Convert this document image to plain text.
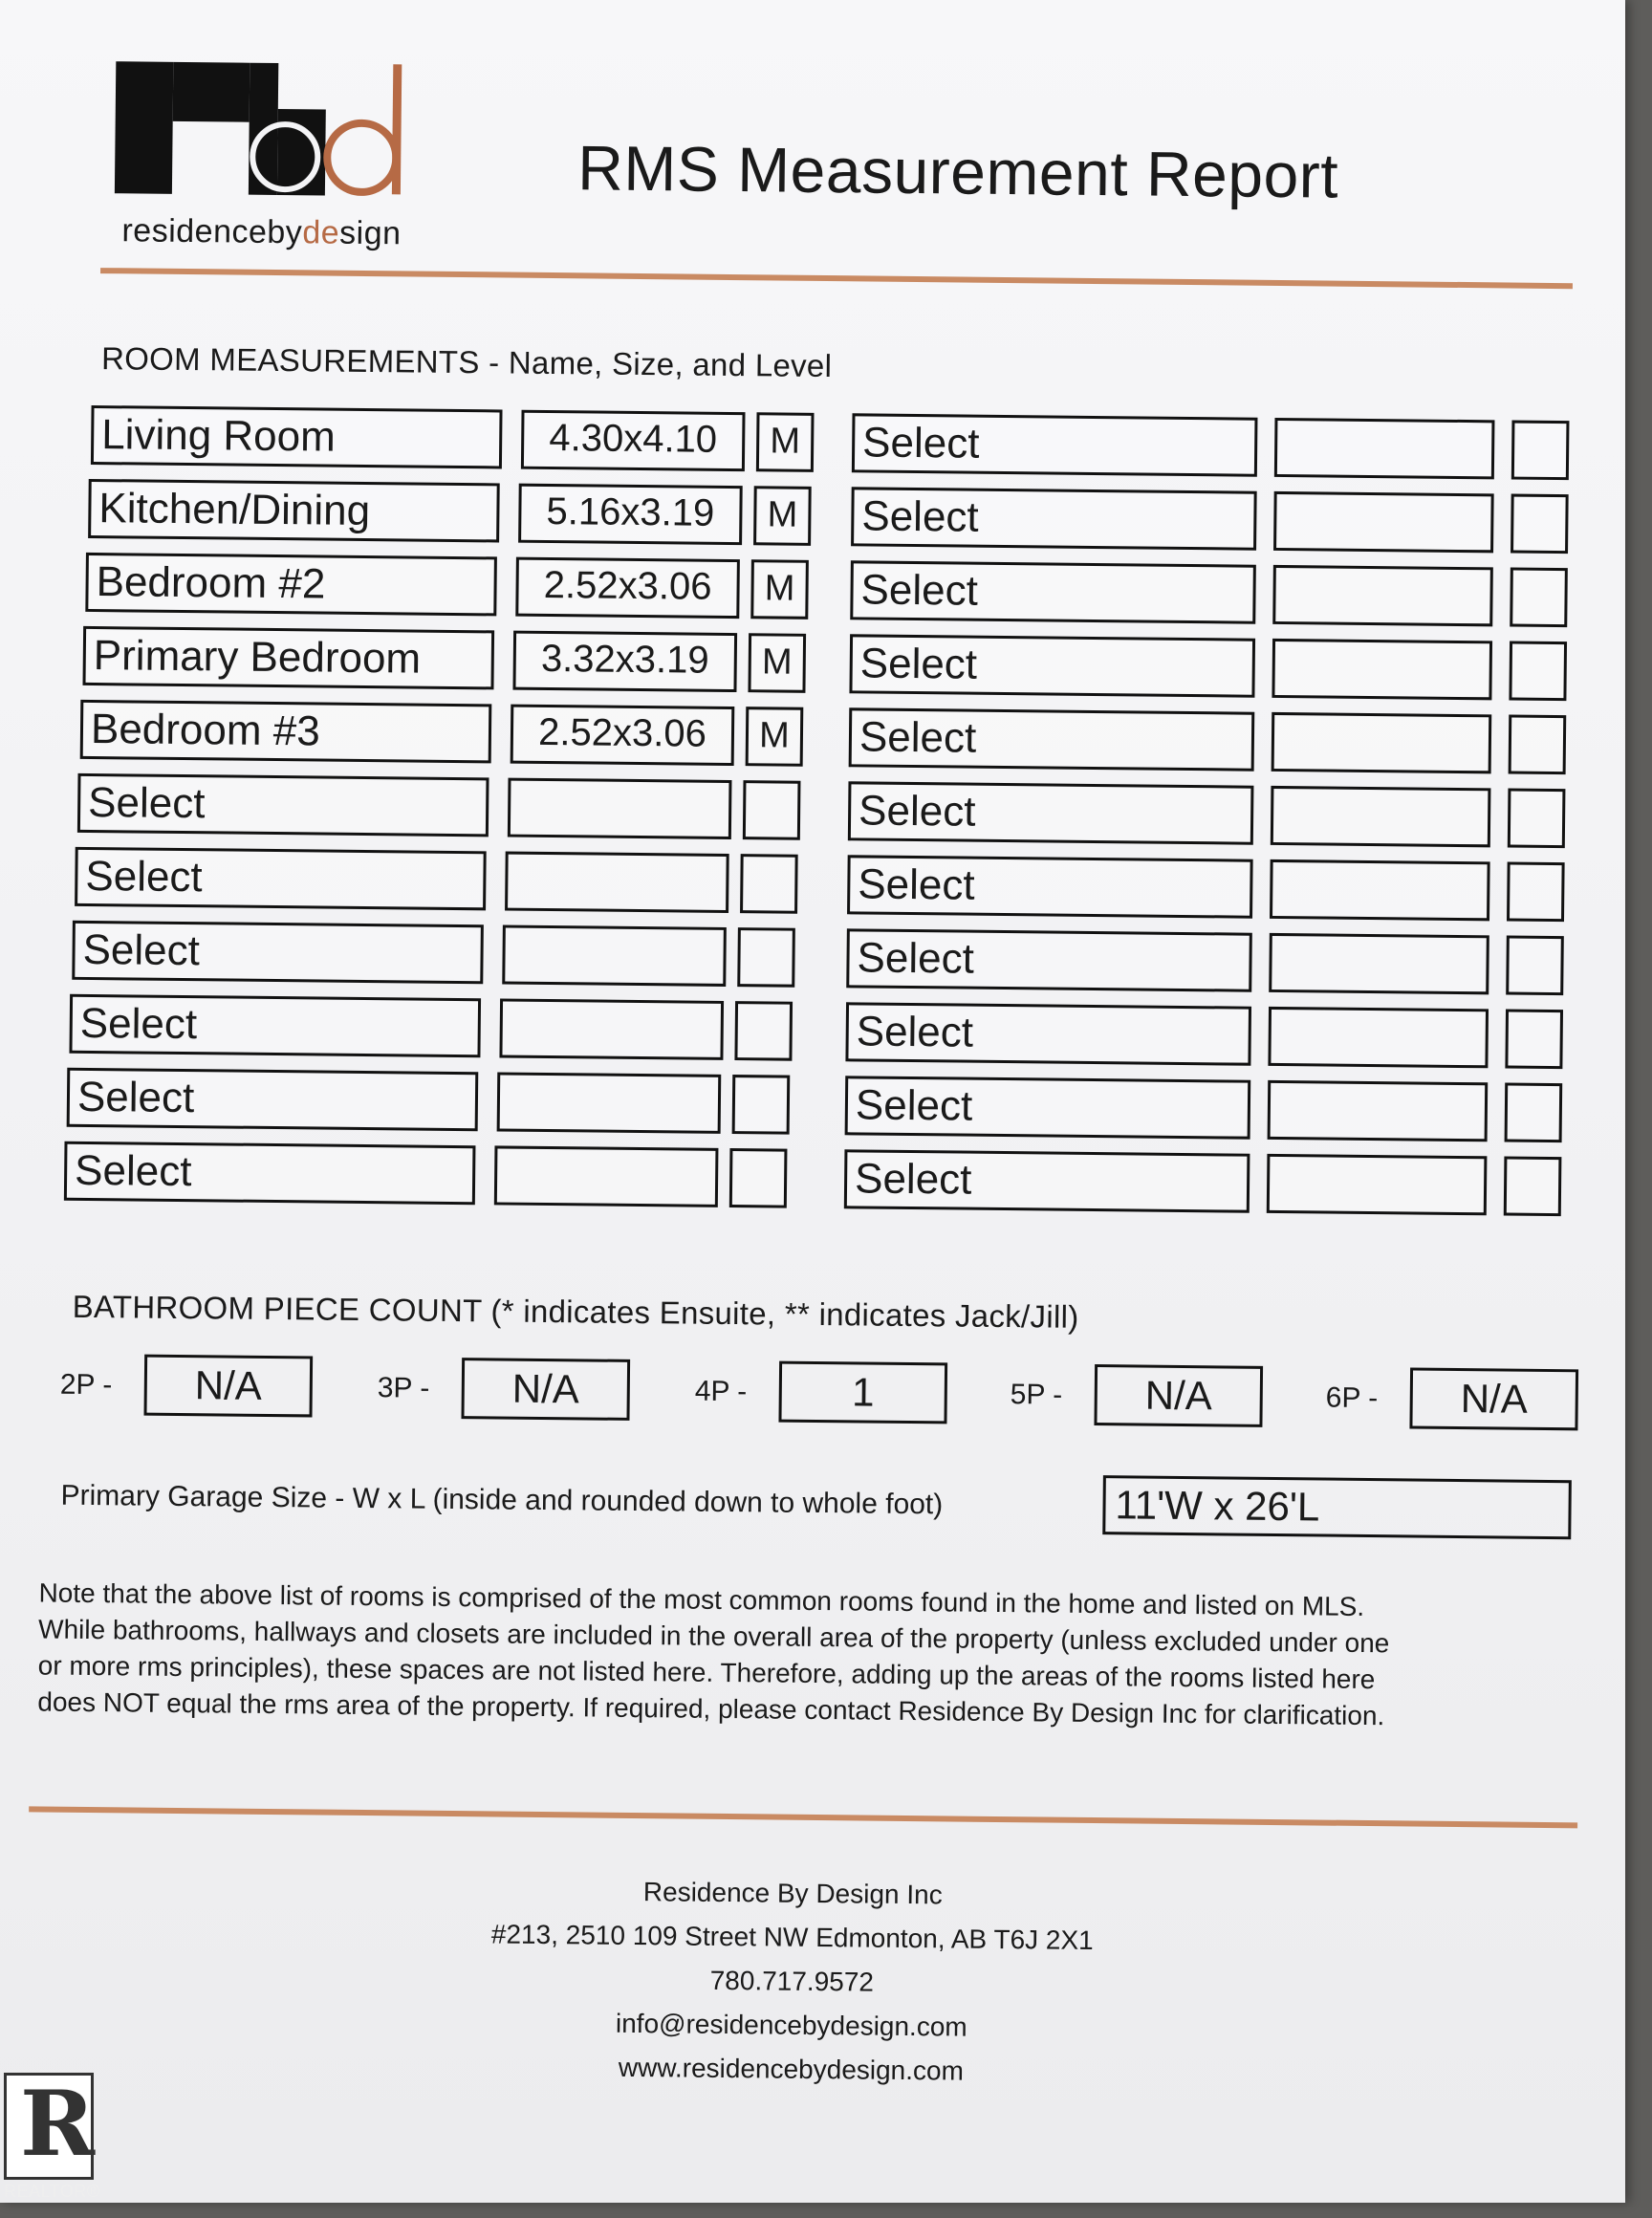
residencebydesign
RMS Measurement Report
ROOM MEASUREMENTS - Name, Size, and Level
Living Room	4.30x4.10	M
Kitchen/Dining	5.16x3.19	M
Bedroom #2	2.52x3.06	M
Primary Bedroom	3.32x3.19	M
Bedroom #3	2.52x3.06	M
Select
Select
Select
Select
Select
Select
Select
Select
Select
Select
Select
Select
Select
Select
Select
Select
Select
BATHROOM PIECE COUNT (* indicates Ensuite, ** indicates Jack/Jill)
2P -	N/A	3P -	N/A	4P -	1	5P -	N/A	6P -	N/A
Primary Garage Size - W x L (inside and rounded down to whole foot)	11'W x 26'L

Note that the above list of rooms is comprised of the most common rooms found in the home and listed on MLS.

While bathrooms, hallways and closets are included in the overall area of the property (unless excluded under one

or more rms principles), these spaces are not listed here. Therefore, adding up the areas of the rooms listed here

does NOT equal the rms area of the property. If required, please contact Residence By Design Inc for clarification.

Residence By Design Inc
#213, 2510 109 Street NW Edmonton, AB T6J 2X1
780.717.9572
info@residencebydesign.com
www.residencebydesign.com
R
REALTOR®
